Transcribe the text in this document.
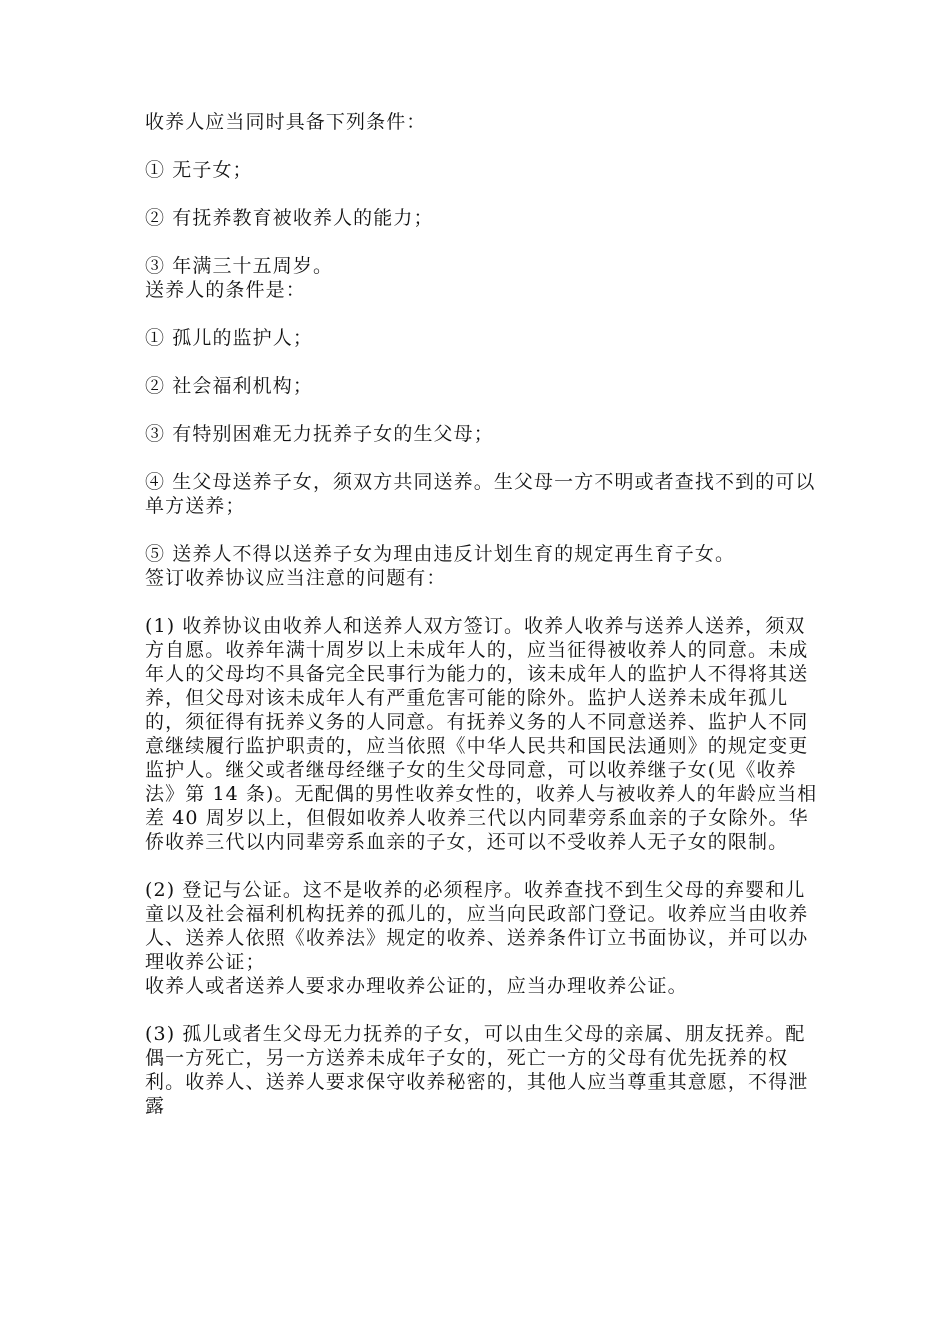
收养人应当同时具备下列条件：
① 无子女；
② 有抚养教育被收养人的能力；
③ 年满三十五周岁。
送养人的条件是：
① 孤儿的监护人；
② 社会福利机构；
③ 有特别困难无力抚养子女的生父母；
④ 生父母送养子女，须双方共同送养。生父母一方不明或者查找不到的可以单方送养；
⑤ 送养人不得以送养子女为理由违反计划生育的规定再生育子女。
签订收养协议应当注意的问题有：
(1) 收养协议由收养人和送养人双方签订。收养人收养与送养人送养，须双方自愿。收养年满十周岁以上未成年人的，应当征得被收养人的同意。未成年人的父母均不具备完全民事行为能力的，该未成年人的监护人不得将其送养，但父母对该未成年人有严重危害可能的除外。监护人送养未成年孤儿的，须征得有抚养义务的人同意。有抚养义务的人不同意送养、监护人不同意继续履行监护职责的，应当依照《中华人民共和国民法通则》的规定变更监护人。继父或者继母经继子女的生父母同意，可以收养继子女(见《收养法》第 14 条)。无配偶的男性收养女性的，收养人与被收养人的年龄应当相差 40 周岁以上，但假如收养人收养三代以内同辈旁系血亲的子女除外。华侨收养三代以内同辈旁系血亲的子女，还可以不受收养人无子女的限制。
(2) 登记与公证。这不是收养的必须程序。收养查找不到生父母的弃婴和儿童以及社会福利机构抚养的孤儿的，应当向民政部门登记。收养应当由收养人、送养人依照《收养法》规定的收养、送养条件订立书面协议，并可以办理收养公证；
收养人或者送养人要求办理收养公证的，应当办理收养公证。
(3) 孤儿或者生父母无力抚养的子女，可以由生父母的亲属、朋友抚养。配偶一方死亡，另一方送养未成年子女的，死亡一方的父母有优先抚养的权利。收养人、送养人要求保守收养秘密的，其他人应当尊重其意愿，不得泄露
